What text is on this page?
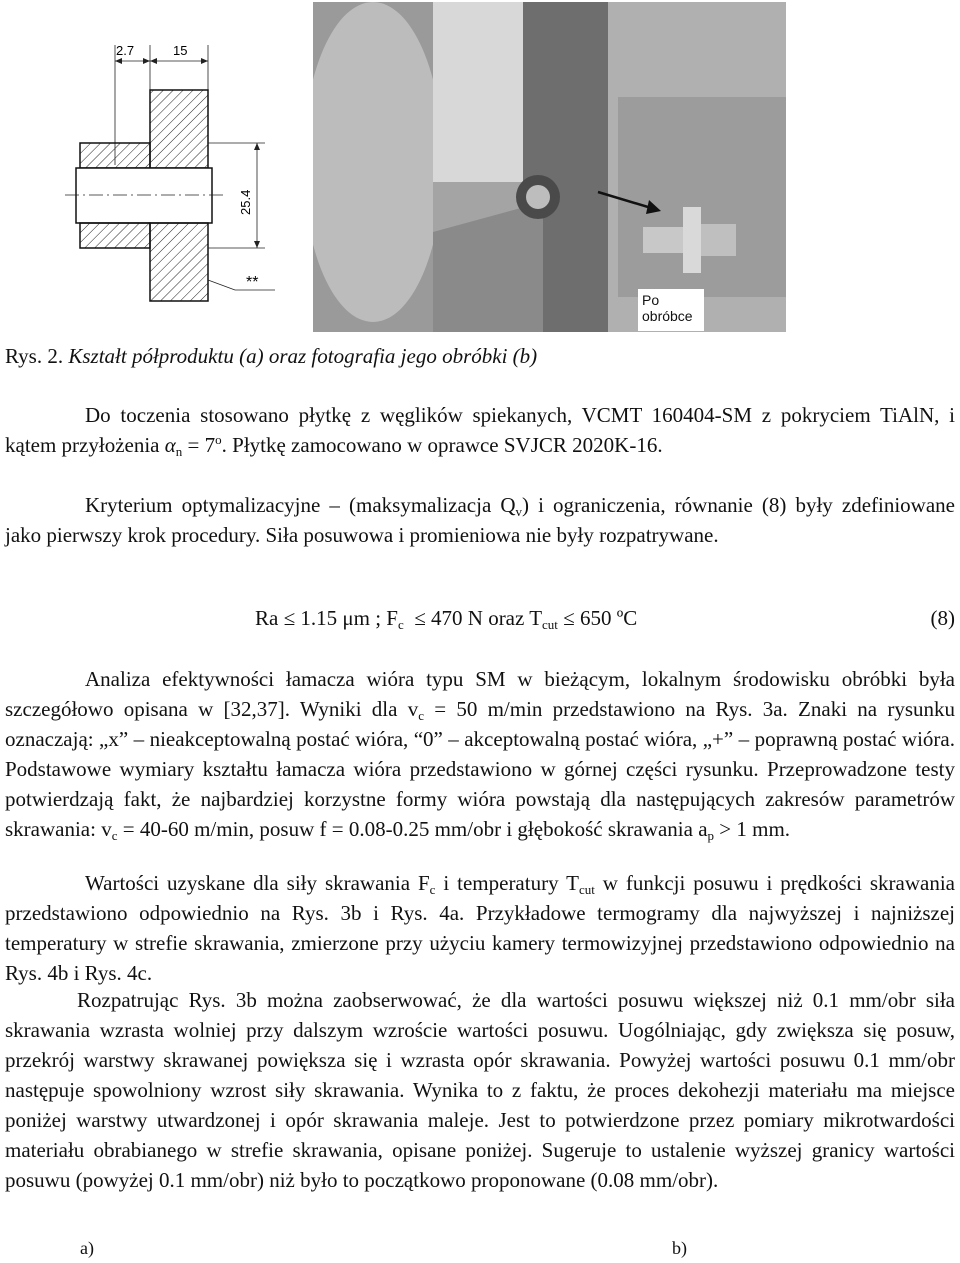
2.7	15
25.4
**
Po
obróbce
Rys. 2. Kształt półproduktu (a) oraz fotografia jego obróbki (b)

Do toczenia stosowano płytkę z węglików spiekanych, VCMT 160404-SM z pokryciem TiAlN, i kątem przyłożenia $\alpha_n = 7^o$. Płytkę zamocowano w oprawce SVJCR 2020K-16.

Kryterium optymalizacyjne – (maksymalizacja $Q_v$) i ograniczenia, równanie (8) były zdefiniowane jako pierwszy krok procedury. Siła posuwowa i promieniowa nie były rozpatrywane.

Ra ≤ 1.15 μm ; $F_c \le 470$ N oraz $T_{cut} \le 650$ ºC	(8)

Analiza efektywności łamacza wióra typu SM w bieżącym, lokalnym środowisku obróbki była szczegółowo opisana w [32,37]. Wyniki dla $v_c = 50$ m/min przedstawiono na Rys. 3a. Znaki na rysunku oznaczają: „x” – nieakceptowalną postać wióra, “0” – akceptowalną postać wióra, „+” – poprawną postać wióra. Podstawowe wymiary kształtu łamacza wióra przedstawiono w górnej części rysunku. Przeprowadzone testy potwierdzają fakt, że najbardziej korzystne formy wióra powstają dla następujących zakresów parametrów skrawania: $v_c = 40-60$ m/min, posuw f = 0.08-0.25 mm/obr i głębokość skrawania $a_p > 1$ mm.

Wartości uzyskane dla siły skrawania $F_c$ i temperatury $T_{cut}$ w funkcji posuwu i prędkości skrawania przedstawiono odpowiednio na Rys. 3b i Rys. 4a. Przykładowe termogramy dla najwyższej i najniższej temperatury w strefie skrawania, zmierzone przy użyciu kamery termowizyjnej przedstawiono odpowiednio na Rys. 4b i Rys. 4c.

Rozpatrując Rys. 3b można zaobserwować, że dla wartości posuwu większej niż 0.1 mm/obr siła skrawania wzrasta wolniej przy dalszym wzroście wartości posuwu. Uogólniając, gdy zwiększa się posuw, przekrój warstwy skrawanej powiększa się i wzrasta opór skrawania. Powyżej wartości posuwu 0.1 mm/obr następuje spowolniony wzrost siły skrawania. Wynika to z faktu, że proces dekohezji materiału ma miejsce poniżej warstwy utwardzonej i opór skrawania maleje. Jest to potwierdzone przez pomiary mikrotwardości materiału obrabianego w strefie skrawania, opisane poniżej. Sugeruje to ustalenie wyższej granicy wartości posuwu (powyżej 0.1 mm/obr) niż było to początkowo proponowane (0.08 mm/obr).

a)	b)
